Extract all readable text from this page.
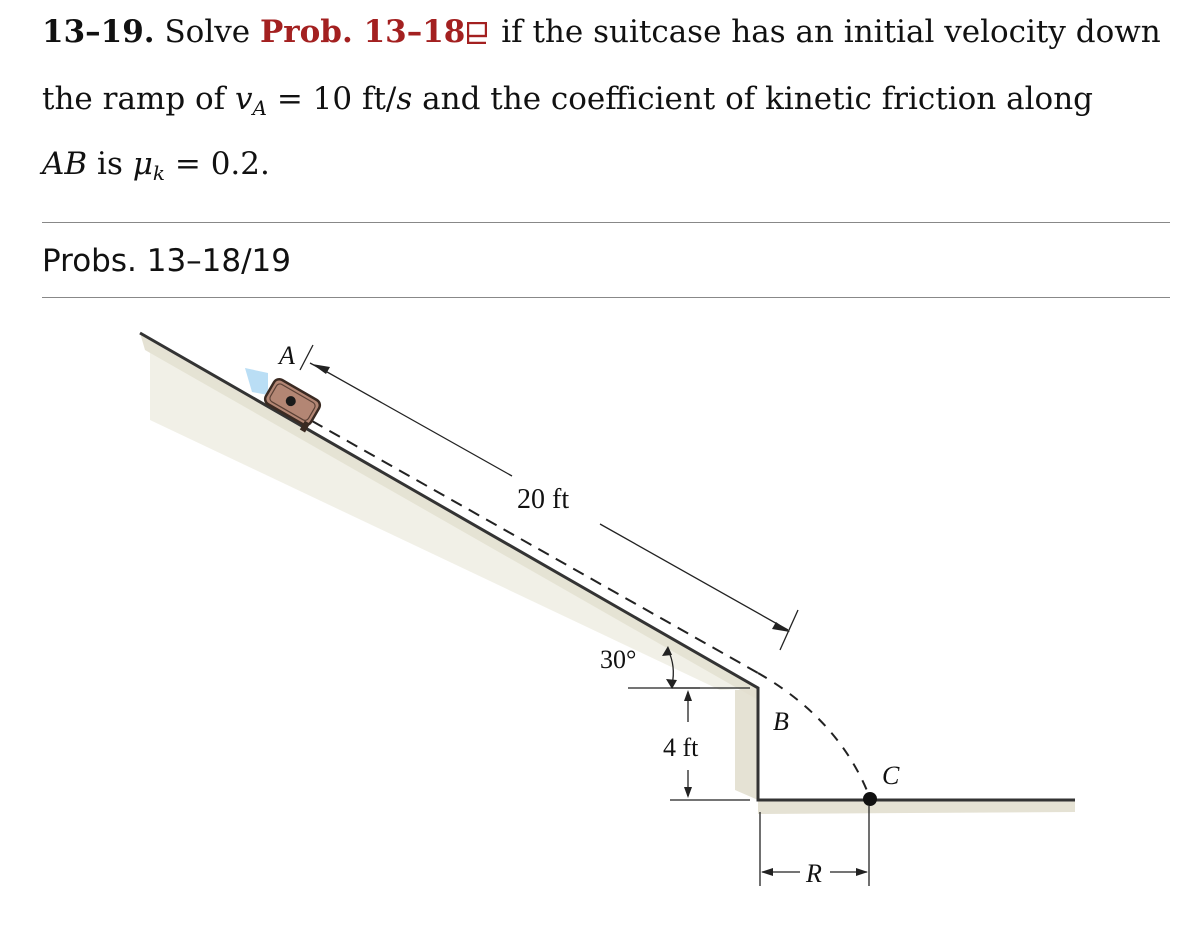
13–19. Solve Prob. 13–18 if the suitcase has an initial velocity down
the ramp of $v_A = 10$ ft/s and the coefficient of kinetic friction along
AB is $\mu_k = 0.2$.
Probs. 13–18/19
A
20 ft
30°
B
4 ft
C
R
